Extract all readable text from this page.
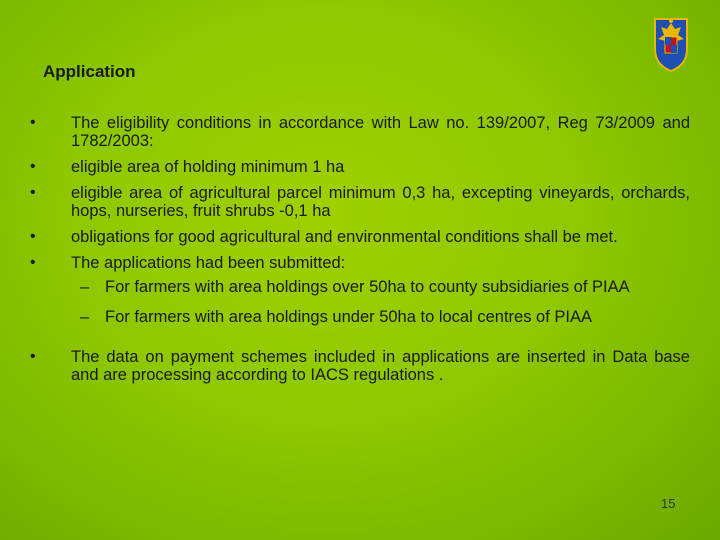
Application
• The eligibility conditions in accordance with Law no. 139/2007, Reg 73/2009 and 1782/2003:
• eligible area of holding minimum 1 ha
• eligible area of agricultural parcel minimum 0,3 ha, excepting vineyards, orchards, hops, nurseries, fruit shrubs -0,1 ha
• obligations for good agricultural and environmental conditions shall be met.
• The applications had been submitted:
– For farmers with area holdings over 50ha to county subsidiaries of PIAA
– For farmers with area holdings under 50ha to local centres of PIAA
• The data on payment schemes included in applications are inserted in Data base and are processing according to IACS regulations .
15
